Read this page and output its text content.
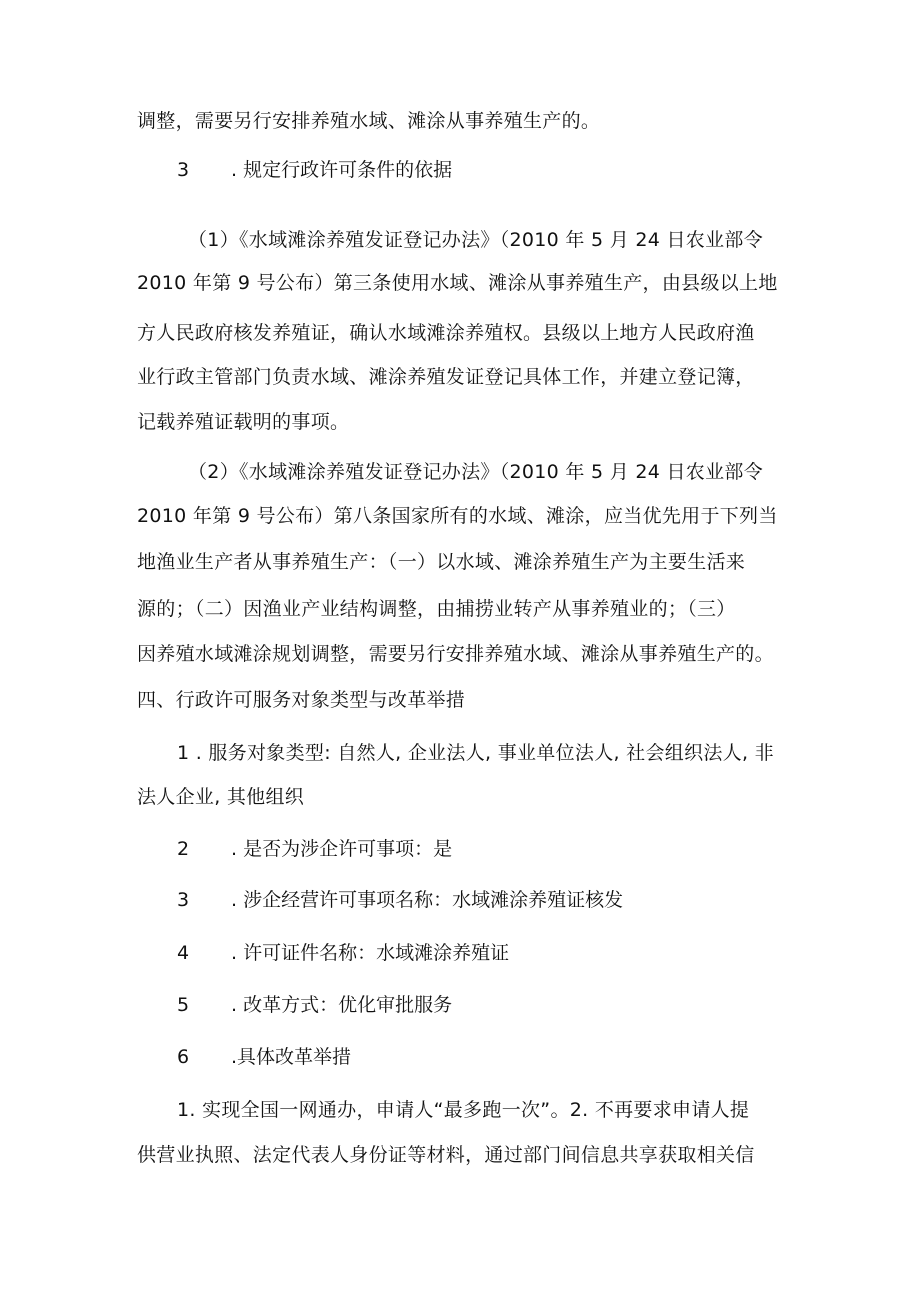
调整，需要另行安排养殖水域、滩涂从事养殖生产的。
3 . 规定行政许可条件的依据
（1）《水域滩涂养殖发证登记办法》（2010 年 5 月 24 日农业部令
2010 年第 9 号公布）第三条使用水域、滩涂从事养殖生产，由县级以上地
方人民政府核发养殖证，确认水域滩涂养殖权。县级以上地方人民政府渔
业行政主管部门负责水域、滩涂养殖发证登记具体工作，并建立登记簿，
记载养殖证载明的事项。
（2）《水域滩涂养殖发证登记办法》（2010 年 5 月 24 日农业部令
2010 年第 9 号公布）第八条国家所有的水域、滩涂，应当优先用于下列当
地渔业生产者从事养殖生产：（一）以水域、滩涂养殖生产为主要生活来
源的；（二）因渔业产业结构调整，由捕捞业转产从事养殖业的；（三）
因养殖水域滩涂规划调整，需要另行安排养殖水域、滩涂从事养殖生产的。
四、行政许可服务对象类型与改革举措
1 . 服务对象类型: 自然人, 企业法人, 事业单位法人, 社会组织法人, 非
法人企业, 其他组织
2 . 是否为涉企许可事项：是
3 . 涉企经营许可事项名称：水域滩涂养殖证核发
4 . 许可证件名称：水域滩涂养殖证
5 . 改革方式：优化审批服务
6 .具体改革举措
1. 实现全国一网通办，申请人“最多跑一次”。2. 不再要求申请人提
供营业执照、法定代表人身份证等材料，通过部门间信息共享获取相关信
